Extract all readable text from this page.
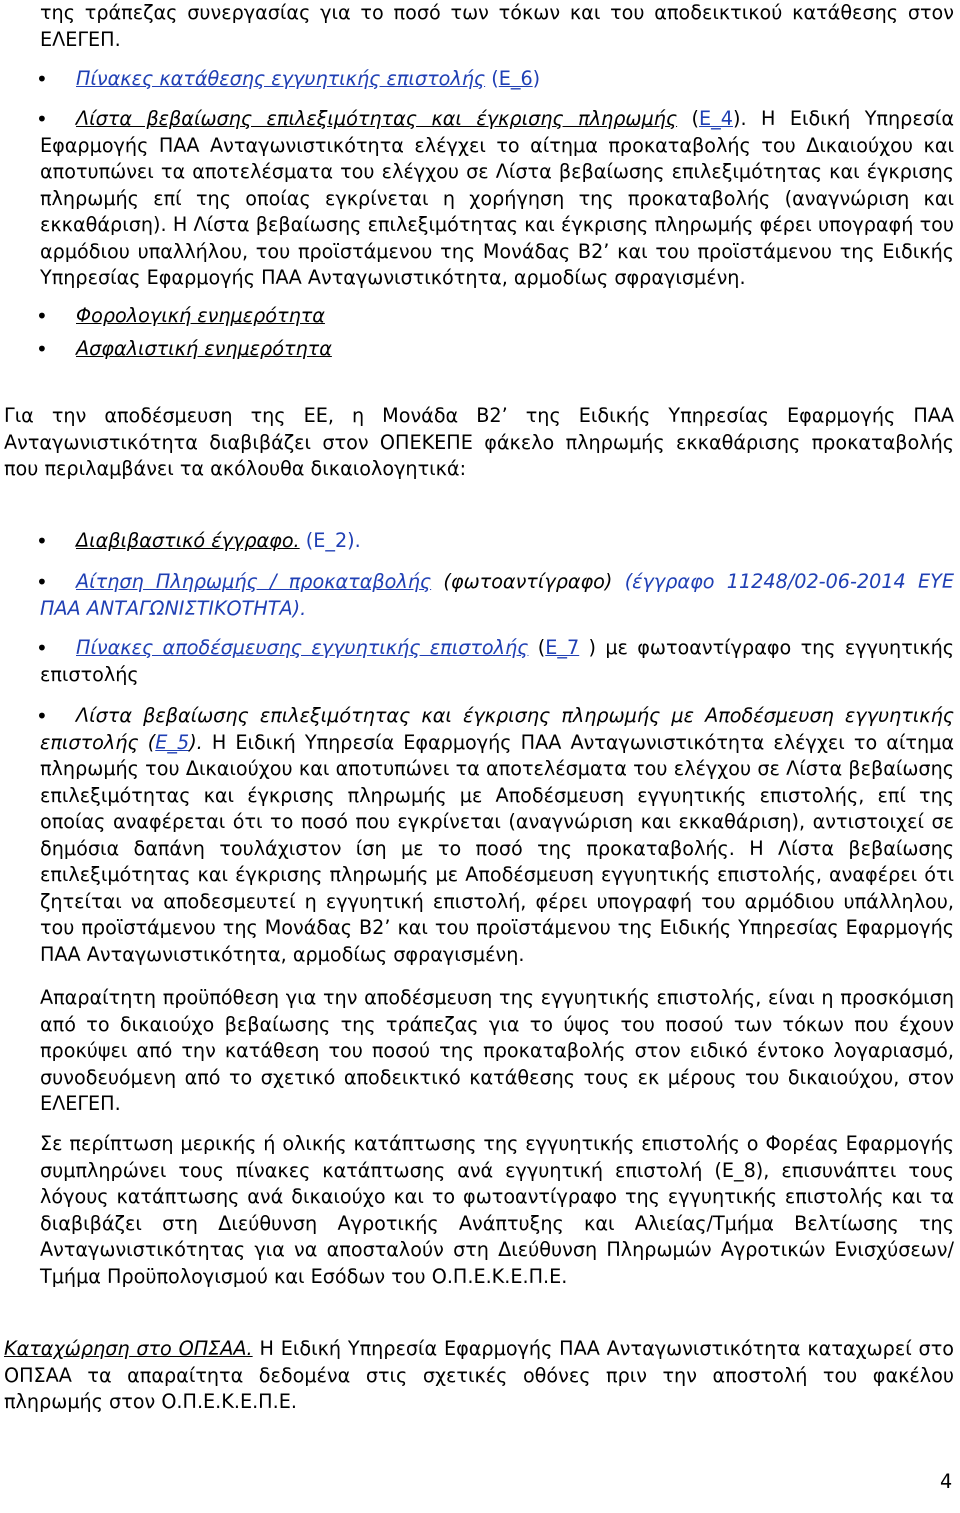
της τράπεζας συνεργασίας για το ποσό των τόκων και του αποδεικτικού κατάθεσης στον ΕΛΕΓΕΠ.

•	Πίνακες κατάθεσης εγγυητικής επιστολής (Ε_6)
•	Λίστα βεβαίωσης επιλεξιμότητας και έγκρισης πληρωμής (Ε_4). Η Ειδική Υπηρεσία Εφαρμογής ΠΑΑ Ανταγωνιστικότητα ελέγχει το αίτημα προκαταβολής του Δικαιούχου και αποτυπώνει τα αποτελέσματα του ελέγχου σε Λίστα βεβαίωσης επιλεξιμότητας και έγκρισης πληρωμής επί της οποίας εγκρίνεται η χορήγηση της προκαταβολής (αναγνώριση και εκκαθάριση). Η Λίστα βεβαίωσης επιλεξιμότητας και έγκρισης πληρωμής φέρει υπογραφή του αρμόδιου υπαλλήλου, του προϊστάμενου της Μονάδας Β2’ και του προϊστάμενου της Ειδικής Υπηρεσίας Εφαρμογής ΠΑΑ Ανταγωνιστικότητα, αρμοδίως σφραγισμένη.
•	Φορολογική ενημερότητα
•	Ασφαλιστική ενημερότητα

Για την αποδέσμευση της ΕΕ, η Μονάδα Β2’ της Ειδικής Υπηρεσίας Εφαρμογής ΠΑΑ Ανταγωνιστικότητα διαβιβάζει στον ΟΠΕΚΕΠΕ φάκελο πληρωμής εκκαθάρισης προκαταβολής που περιλαμβάνει τα ακόλουθα δικαιολογητικά:

•	Διαβιβαστικό έγγραφο. (Ε_2).
•	Αίτηση Πληρωμής / προκαταβολής (φωτοαντίγραφο) (έγγραφο 11248/02-06-2014 ΕΥΕ ΠΑΑ ΑΝΤΑΓΩΝΙΣΤΙΚΟΤΗΤΑ).
•	Πίνακες αποδέσμευσης εγγυητικής επιστολής (Ε_7 ) με φωτοαντίγραφο της εγγυητικής επιστολής
•	Λίστα βεβαίωσης επιλεξιμότητας και έγκρισης πληρωμής με Αποδέσμευση εγγυητικής επιστολής (Ε_5). Η Ειδική Υπηρεσία Εφαρμογής ΠΑΑ Ανταγωνιστικότητα ελέγχει το αίτημα πληρωμής του Δικαιούχου και αποτυπώνει τα αποτελέσματα του ελέγχου σε Λίστα βεβαίωσης επιλεξιμότητας και έγκρισης πληρωμής με Αποδέσμευση εγγυητικής επιστολής, επί της οποίας αναφέρεται ότι το ποσό που εγκρίνεται (αναγνώριση και εκκαθάριση), αντιστοιχεί σε δημόσια δαπάνη τουλάχιστον ίση με το ποσό της προκαταβολής. Η Λίστα βεβαίωσης επιλεξιμότητας και έγκρισης πληρωμής με Αποδέσμευση εγγυητικής επιστολής, αναφέρει ότι ζητείται να αποδεσμευτεί η εγγυητική επιστολή, φέρει υπογραφή του αρμόδιου υπάλληλου, του προϊστάμενου της Μονάδας Β2’ και του προϊστάμενου της Ειδικής Υπηρεσίας Εφαρμογής ΠΑΑ Ανταγωνιστικότητα, αρμοδίως σφραγισμένη.

Απαραίτητη προϋπόθεση για την αποδέσμευση της εγγυητικής επιστολής, είναι η προσκόμιση από το δικαιούχο βεβαίωσης της τράπεζας για το ύψος του ποσού των τόκων που έχουν προκύψει από την κατάθεση του ποσού της προκαταβολής στον ειδικό έντοκο λογαριασμό, συνοδευόμενη από το σχετικό αποδεικτικό κατάθεσης τους εκ μέρους του δικαιούχου, στον ΕΛΕΓΕΠ.

Σε περίπτωση μερικής ή ολικής κατάπτωσης της εγγυητικής επιστολής ο Φορέας Εφαρμογής συμπληρώνει τους πίνακες κατάπτωσης ανά εγγυητική επιστολή (Ε_8), επισυνάπτει τους λόγους κατάπτωσης ανά δικαιούχο και το φωτοαντίγραφο της εγγυητικής επιστολής και τα διαβιβάζει στη Διεύθυνση Αγροτικής Ανάπτυξης και Αλιείας/Τμήμα Βελτίωσης της Ανταγωνιστικότητας για να αποσταλούν στη Διεύθυνση Πληρωμών Αγροτικών Ενισχύσεων/Τμήμα Προϋπολογισμού και Εσόδων του Ο.Π.Ε.Κ.Ε.Π.Ε.

Καταχώρηση στο ΟΠΣΑΑ. Η Ειδική Υπηρεσία Εφαρμογής ΠΑΑ Ανταγωνιστικότητα καταχωρεί στο ΟΠΣΑΑ τα απαραίτητα δεδομένα στις σχετικές οθόνες πριν την αποστολή του φακέλου πληρωμής στον Ο.Π.Ε.Κ.Ε.Π.Ε.

4
